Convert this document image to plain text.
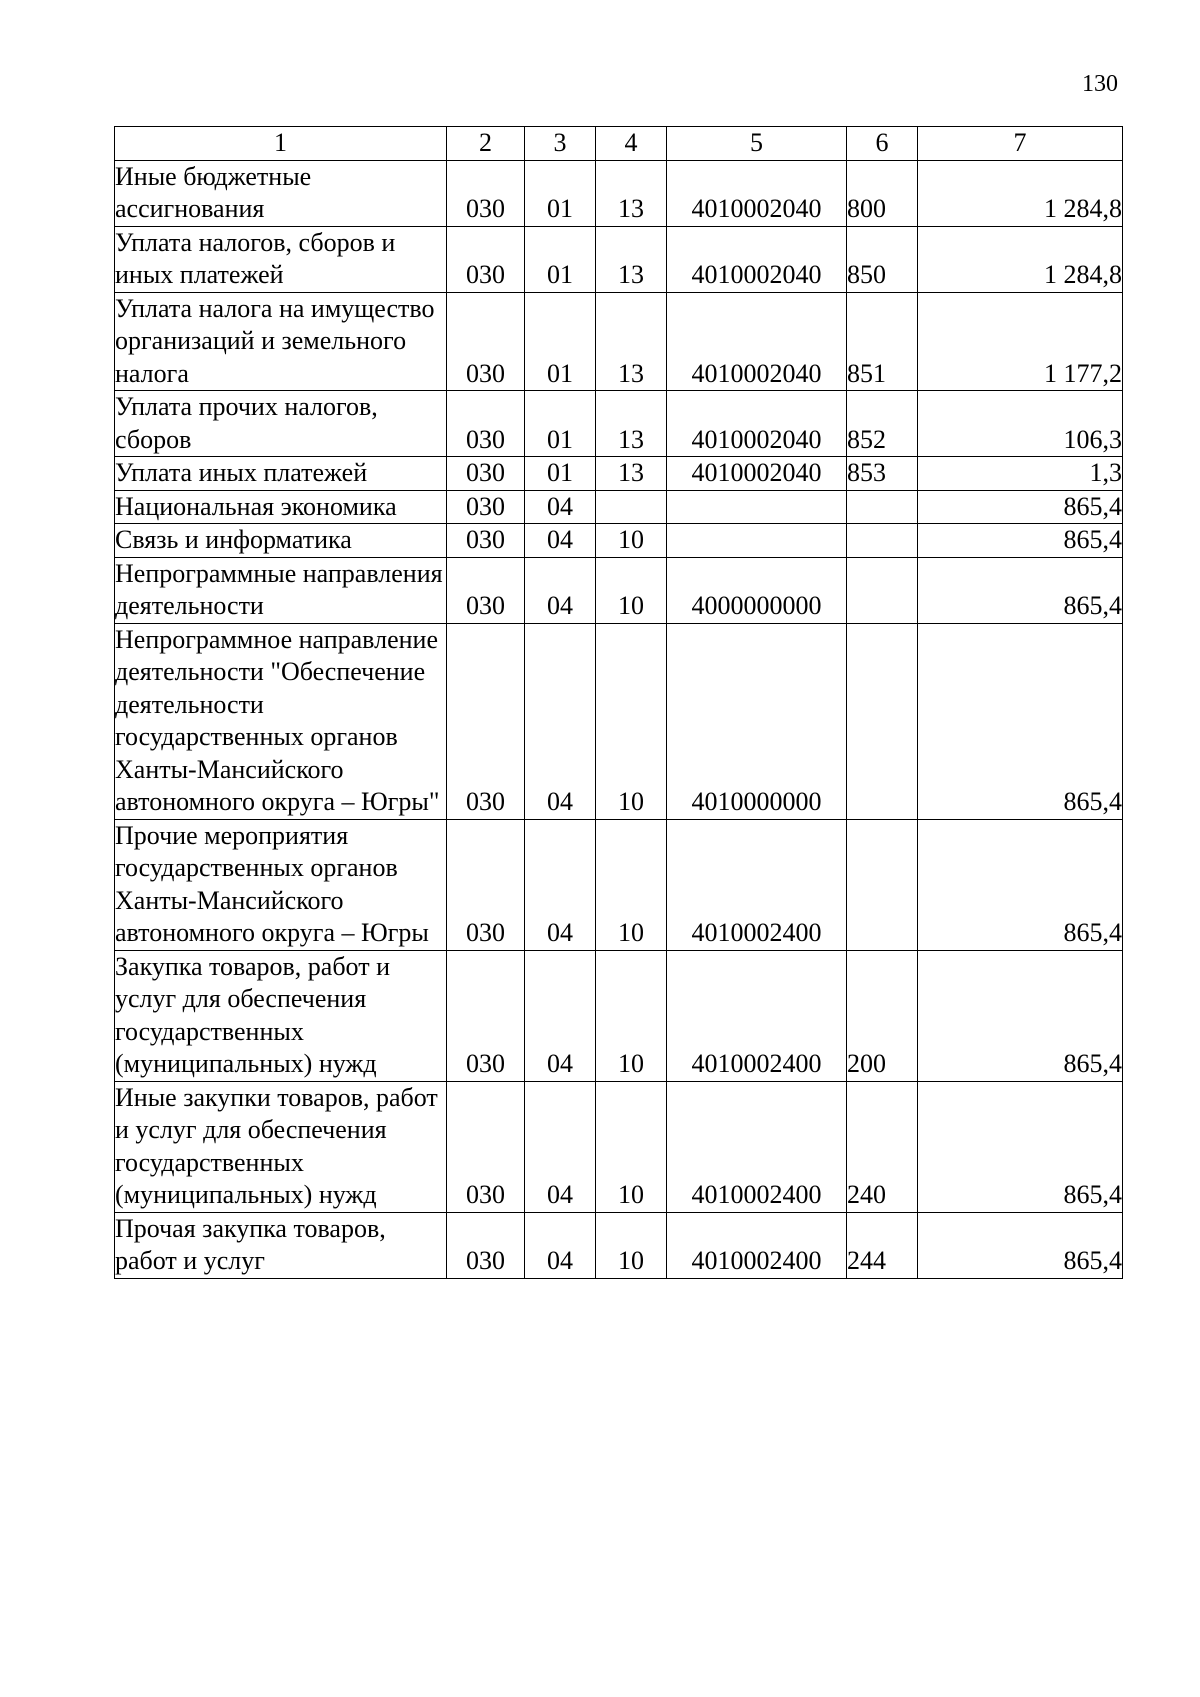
130
1	2	3	4	5	6	7
Иные бюджетные ассигнования	030	01	13	4010002040	800	1 284,8
Уплата налогов, сборов и иных платежей	030	01	13	4010002040	850	1 284,8
Уплата налога на имущество организаций и земельного налога	030	01	13	4010002040	851	1 177,2
Уплата прочих налогов, сборов	030	01	13	4010002040	852	106,3
Уплата иных платежей	030	01	13	4010002040	853	1,3
Национальная экономика	030	04				865,4
Связь и информатика	030	04	10			865,4
Непрограммные направления деятельности	030	04	10	4000000000		865,4
Непрограммное направление деятельности "Обеспечение деятельности государственных органов Ханты-Мансийского автономного округа – Югры"	030	04	10	4010000000		865,4
Прочие мероприятия государственных органов Ханты-Мансийского автономного округа – Югры	030	04	10	4010002400		865,4
Закупка товаров, работ и услуг для обеспечения государственных (муниципальных) нужд	030	04	10	4010002400	200	865,4
Иные закупки товаров, работ и услуг для обеспечения государственных (муниципальных) нужд	030	04	10	4010002400	240	865,4
Прочая закупка товаров, работ и услуг	030	04	10	4010002400	244	865,4
